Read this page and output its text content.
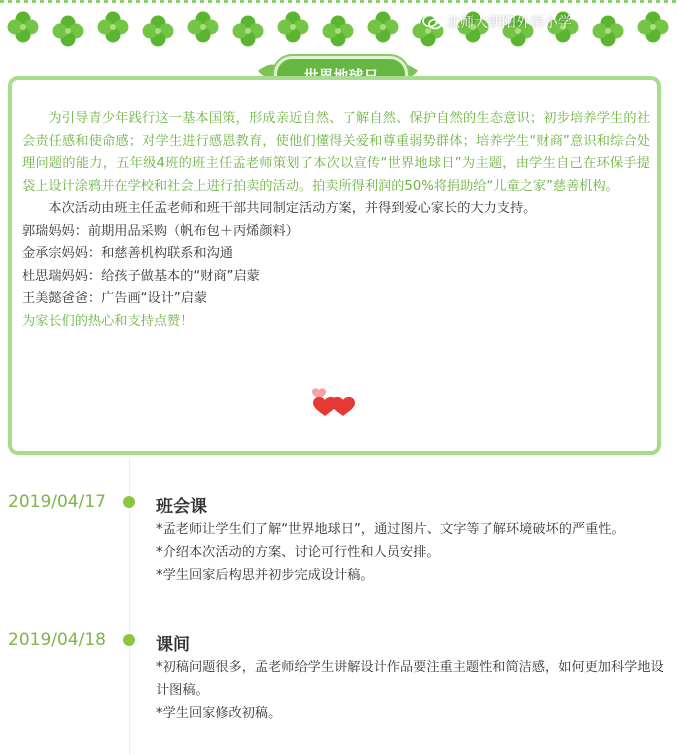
北师大朝阳外语小学

为引导青少年践行这一基本国策，形成亲近自然、了解自然、保护自然的生态意识；初步培养学生的社会责任感和使命感；对学生进行感恩教育，使他们懂得关爱和尊重弱势群体；培养学生“财商”意识和综合处理问题的能力，五年级4班的班主任孟老师策划了本次以宣传“世界地球日”为主题，由学生自己在环保手提袋上设计涂鸦并在学校和社会上进行拍卖的活动。拍卖所得利润的50%将捐助给“儿童之家”慈善机构。

本次活动由班主任孟老师和班干部共同制定活动方案，并得到爱心家长的大力支持。

郭瑞妈妈：前期用品采购（帆布包＋丙烯颜料）

金承宗妈妈：和慈善机构联系和沟通

杜思瑞妈妈：给孩子做基本的“财商”启蒙

王美懿爸爸：广告画“设计”启蒙

为家长们的热心和支持点赞！

2019/04/17	班会课

*孟老师让学生们了解“世界地球日”，通过图片、文字等了解环境破坏的严重性。

*介绍本次活动的方案、讨论可行性和人员安排。

*学生回家后构思并初步完成设计稿。

2019/04/18	课间

*初稿问题很多，孟老师给学生讲解设计作品要注重主题性和简洁感，如何更加科学地设计图稿。

*学生回家修改初稿。
